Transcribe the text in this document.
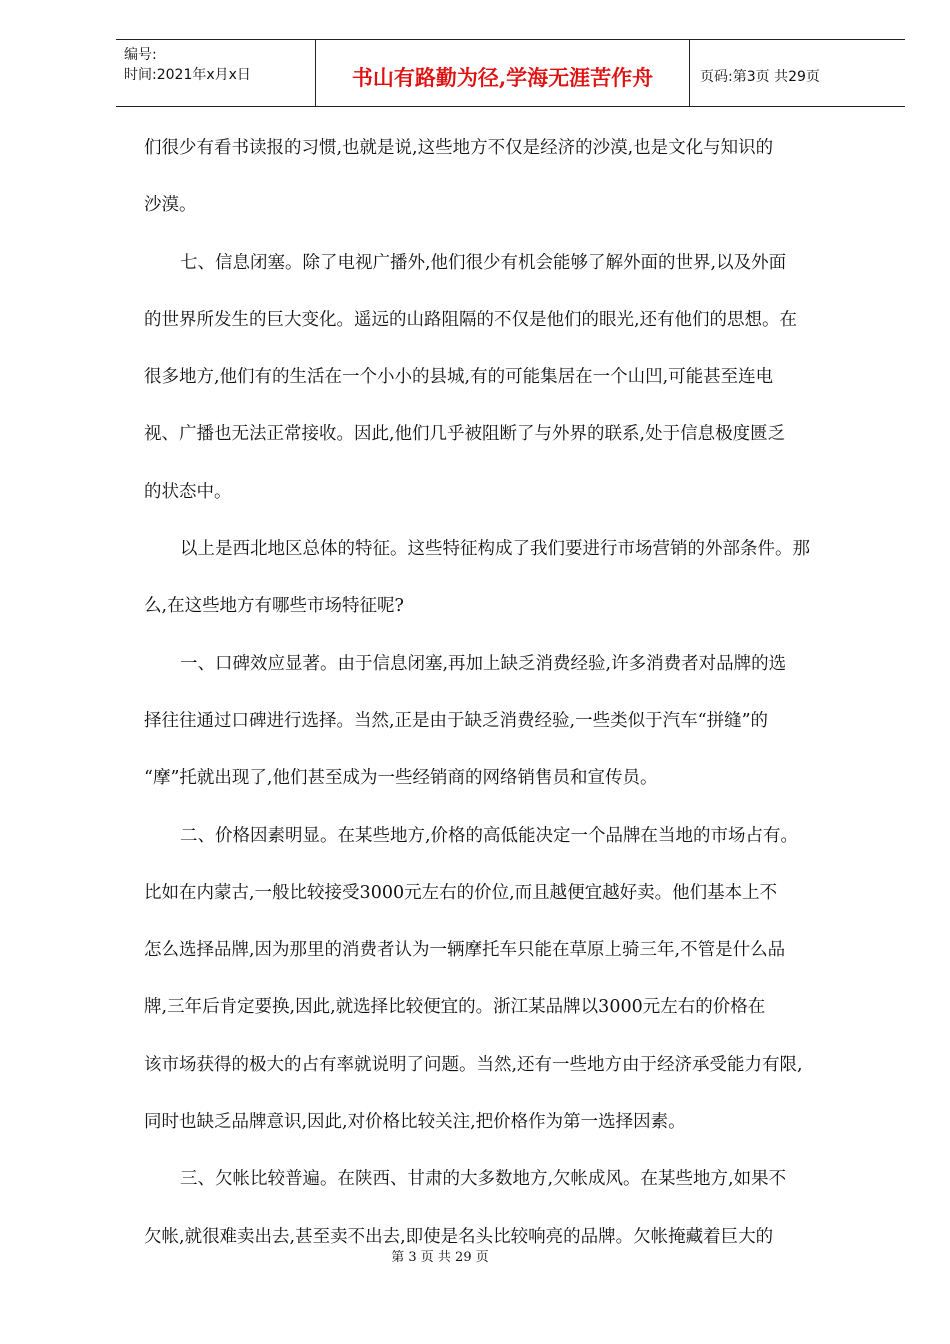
编号:
时间:2021年x月x日	书山有路勤为径,学海无涯苦作舟	页码:第3页 共29页
们很少有看书读报的习惯,也就是说,这些地方不仅是经济的沙漠,也是文化与知识的
沙漠。
七、信息闭塞。除了电视广播外,他们很少有机会能够了解外面的世界,以及外面
的世界所发生的巨大变化。遥远的山路阻隔的不仅是他们的眼光,还有他们的思想。在
很多地方,他们有的生活在一个小小的县城,有的可能集居在一个山凹,可能甚至连电
视、广播也无法正常接收。因此,他们几乎被阻断了与外界的联系,处于信息极度匮乏
的状态中。
以上是西北地区总体的特征。这些特征构成了我们要进行市场营销的外部条件。那
么,在这些地方有哪些市场特征呢?
一、口碑效应显著。由于信息闭塞,再加上缺乏消费经验,许多消费者对品牌的选
择往往通过口碑进行选择。当然,正是由于缺乏消费经验,一些类似于汽车“拼缝”的
“摩”托就出现了,他们甚至成为一些经销商的网络销售员和宣传员。
二、价格因素明显。在某些地方,价格的高低能决定一个品牌在当地的市场占有。
比如在内蒙古,一般比较接受3000元左右的价位,而且越便宜越好卖。他们基本上不
怎么选择品牌,因为那里的消费者认为一辆摩托车只能在草原上骑三年,不管是什么品
牌,三年后肯定要换,因此,就选择比较便宜的。浙江某品牌以3000元左右的价格在
该市场获得的极大的占有率就说明了问题。当然,还有一些地方由于经济承受能力有限,
同时也缺乏品牌意识,因此,对价格比较关注,把价格作为第一选择因素。
三、欠帐比较普遍。在陕西、甘肃的大多数地方,欠帐成风。在某些地方,如果不
欠帐,就很难卖出去,甚至卖不出去,即使是名头比较响亮的品牌。欠帐掩藏着巨大的
第 3 页 共 29 页
